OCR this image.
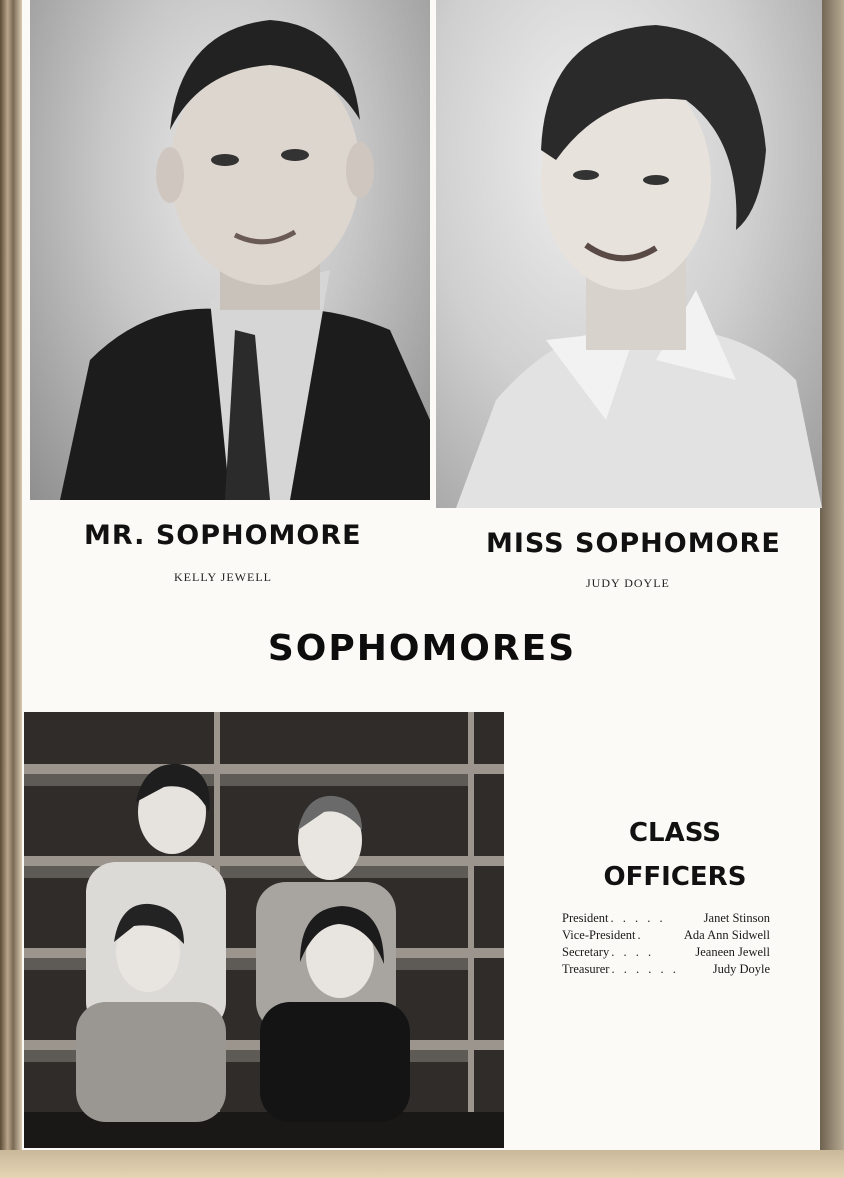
MR. SOPHOMORE
KELLY JEWELL
MISS SOPHOMORE
JUDY DOYLE
SOPHOMORES
CLASS
OFFICERS
President . . . . .	Janet Stinson
Vice-President .	Ada Ann Sidwell
Secretary . . . .	Jeaneen Jewell
Treasurer . . . . . .	Judy Doyle
